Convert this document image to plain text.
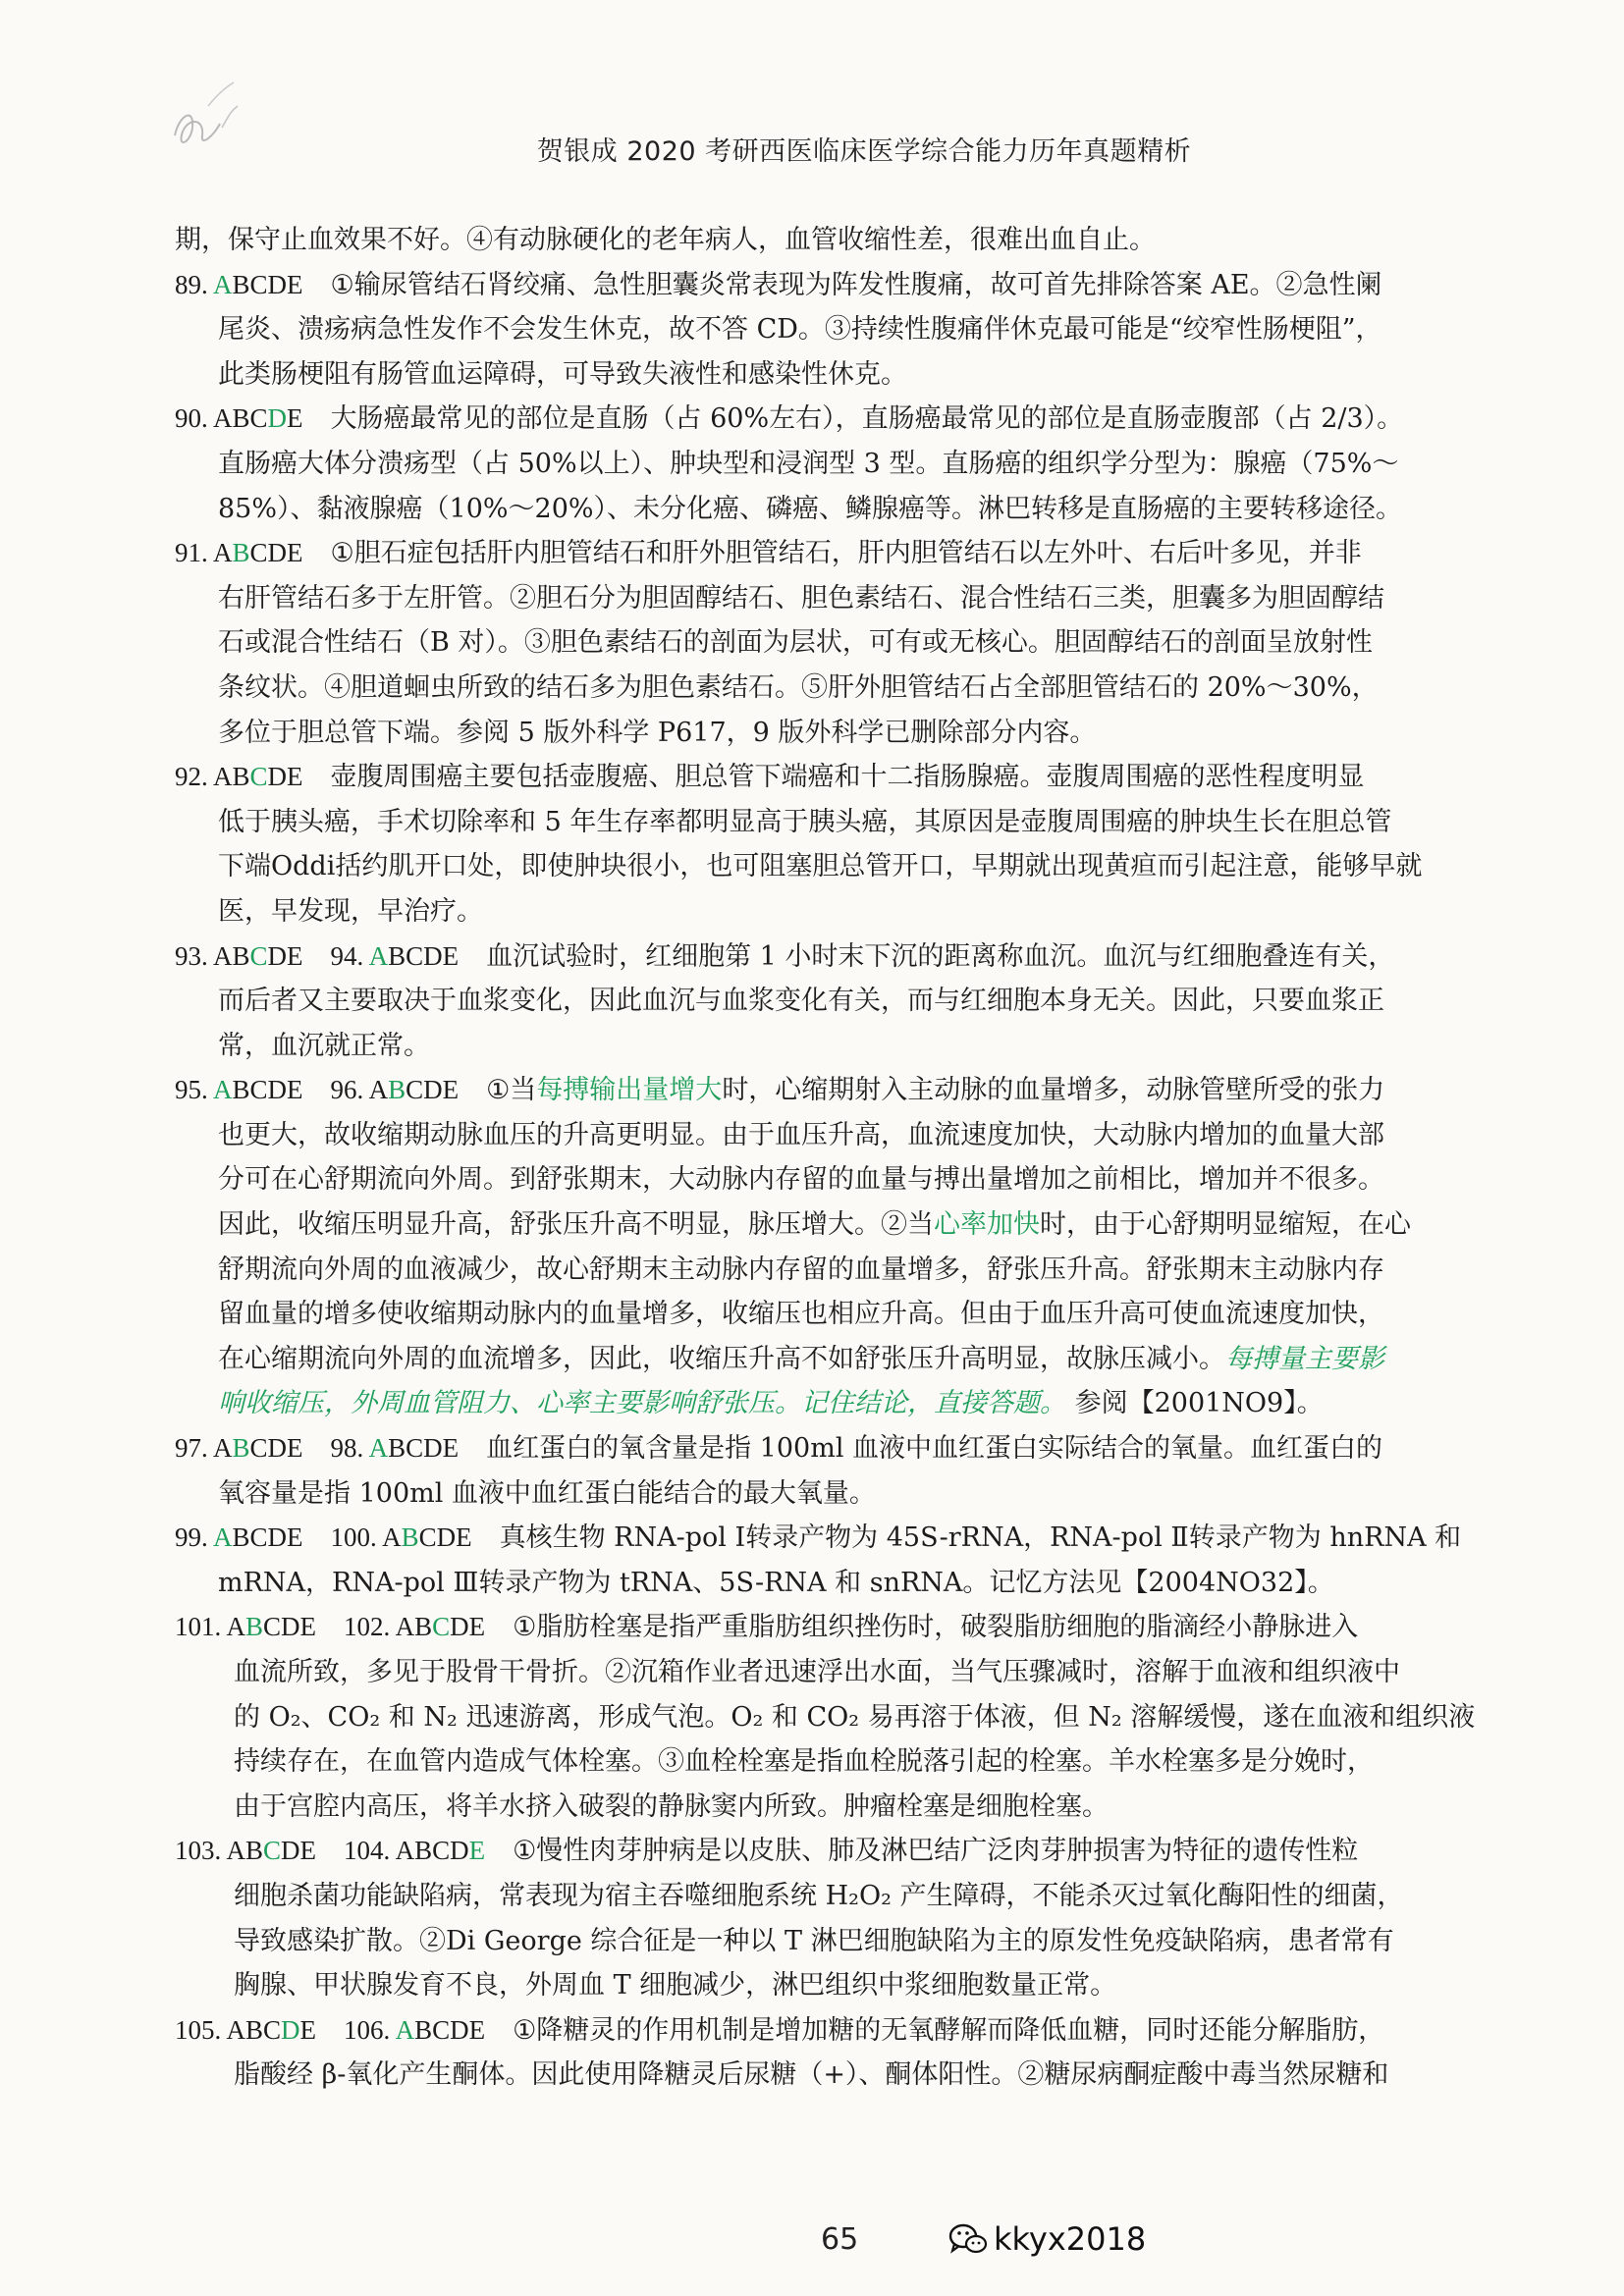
贺银成 2020 考研西医临床医学综合能力历年真题精析
期，保守止血效果不好。④有动脉硬化的老年病人，血管收缩性差，很难出血自止。
89. ABCDE ①输尿管结石肾绞痛、急性胆囊炎常表现为阵发性腹痛，故可首先排除答案 AE。②急性阑
尾炎、溃疡病急性发作不会发生休克，故不答 CD。③持续性腹痛伴休克最可能是“绞窄性肠梗阻”，
此类肠梗阻有肠管血运障碍，可导致失液性和感染性休克。
90. ABCDE 大肠癌最常见的部位是直肠（占 60%左右），直肠癌最常见的部位是直肠壶腹部（占 2/3）。
直肠癌大体分溃疡型（占 50%以上）、肿块型和浸润型 3 型。直肠癌的组织学分型为：腺癌（75%～
85%）、黏液腺癌（10%～20%）、未分化癌、磷癌、鳞腺癌等。淋巴转移是直肠癌的主要转移途径。
91. ABCDE ①胆石症包括肝内胆管结石和肝外胆管结石，肝内胆管结石以左外叶、右后叶多见，并非
右肝管结石多于左肝管。②胆石分为胆固醇结石、胆色素结石、混合性结石三类，胆囊多为胆固醇结
石或混合性结石（B 对）。③胆色素结石的剖面为层状，可有或无核心。胆固醇结石的剖面呈放射性
条纹状。④胆道蛔虫所致的结石多为胆色素结石。⑤肝外胆管结石占全部胆管结石的 20%～30%，
多位于胆总管下端。参阅 5 版外科学 P617，9 版外科学已删除部分内容。
92. ABCDE 壶腹周围癌主要包括壶腹癌、胆总管下端癌和十二指肠腺癌。壶腹周围癌的恶性程度明显
低于胰头癌，手术切除率和 5 年生存率都明显高于胰头癌，其原因是壶腹周围癌的肿块生长在胆总管
下端Oddi括约肌开口处，即使肿块很小，也可阻塞胆总管开口，早期就出现黄疸而引起注意，能够早就
医，早发现，早治疗。
93. ABCDE 94. ABCDE 血沉试验时，红细胞第 1 小时末下沉的距离称血沉。血沉与红细胞叠连有关，
而后者又主要取决于血浆变化，因此血沉与血浆变化有关，而与红细胞本身无关。因此，只要血浆正
常，血沉就正常。
95. ABCDE 96. ABCDE ①当每搏输出量增大时，心缩期射入主动脉的血量增多，动脉管壁所受的张力
也更大，故收缩期动脉血压的升高更明显。由于血压升高，血流速度加快，大动脉内增加的血量大部
分可在心舒期流向外周。到舒张期末，大动脉内存留的血量与搏出量增加之前相比，增加并不很多。
因此，收缩压明显升高，舒张压升高不明显，脉压增大。②当心率加快时，由于心舒期明显缩短，在心
舒期流向外周的血液减少，故心舒期末主动脉内存留的血量增多，舒张压升高。舒张期末主动脉内存
留血量的增多使收缩期动脉内的血量增多，收缩压也相应升高。但由于血压升高可使血流速度加快，
在心缩期流向外周的血流增多，因此，收缩压升高不如舒张压升高明显，故脉压减小。每搏量主要影
响收缩压，外周血管阻力、心率主要影响舒张压。记住结论，直接答题。 参阅【2001NO9】。
97. ABCDE 98. ABCDE 血红蛋白的氧含量是指 100ml 血液中血红蛋白实际结合的氧量。血红蛋白的
氧容量是指 100ml 血液中血红蛋白能结合的最大氧量。
99. ABCDE 100. ABCDE 真核生物 RNA-pol Ⅰ转录产物为 45S-rRNA，RNA-pol Ⅱ转录产物为 hnRNA 和
mRNA，RNA-pol Ⅲ转录产物为 tRNA、5S-RNA 和 snRNA。记忆方法见【2004NO32】。
101. ABCDE 102. ABCDE ①脂肪栓塞是指严重脂肪组织挫伤时，破裂脂肪细胞的脂滴经小静脉进入
血流所致，多见于股骨干骨折。②沉箱作业者迅速浮出水面，当气压骤减时，溶解于血液和组织液中
的 O₂、CO₂ 和 N₂ 迅速游离，形成气泡。O₂ 和 CO₂ 易再溶于体液，但 N₂ 溶解缓慢，遂在血液和组织液
持续存在，在血管内造成气体栓塞。③血栓栓塞是指血栓脱落引起的栓塞。羊水栓塞多是分娩时，
由于宫腔内高压，将羊水挤入破裂的静脉窦内所致。肿瘤栓塞是细胞栓塞。
103. ABCDE 104. ABCDE ①慢性肉芽肿病是以皮肤、肺及淋巴结广泛肉芽肿损害为特征的遗传性粒
细胞杀菌功能缺陷病，常表现为宿主吞噬细胞系统 H₂O₂ 产生障碍，不能杀灭过氧化酶阳性的细菌，
导致感染扩散。②Di George 综合征是一种以 T 淋巴细胞缺陷为主的原发性免疫缺陷病，患者常有
胸腺、甲状腺发育不良，外周血 T 细胞减少，淋巴组织中浆细胞数量正常。
105. ABCDE 106. ABCDE ①降糖灵的作用机制是增加糖的无氧酵解而降低血糖，同时还能分解脂肪，
脂酸经 β-氧化产生酮体。因此使用降糖灵后尿糖（+）、酮体阳性。②糖尿病酮症酸中毒当然尿糖和
65	kkyx2018
